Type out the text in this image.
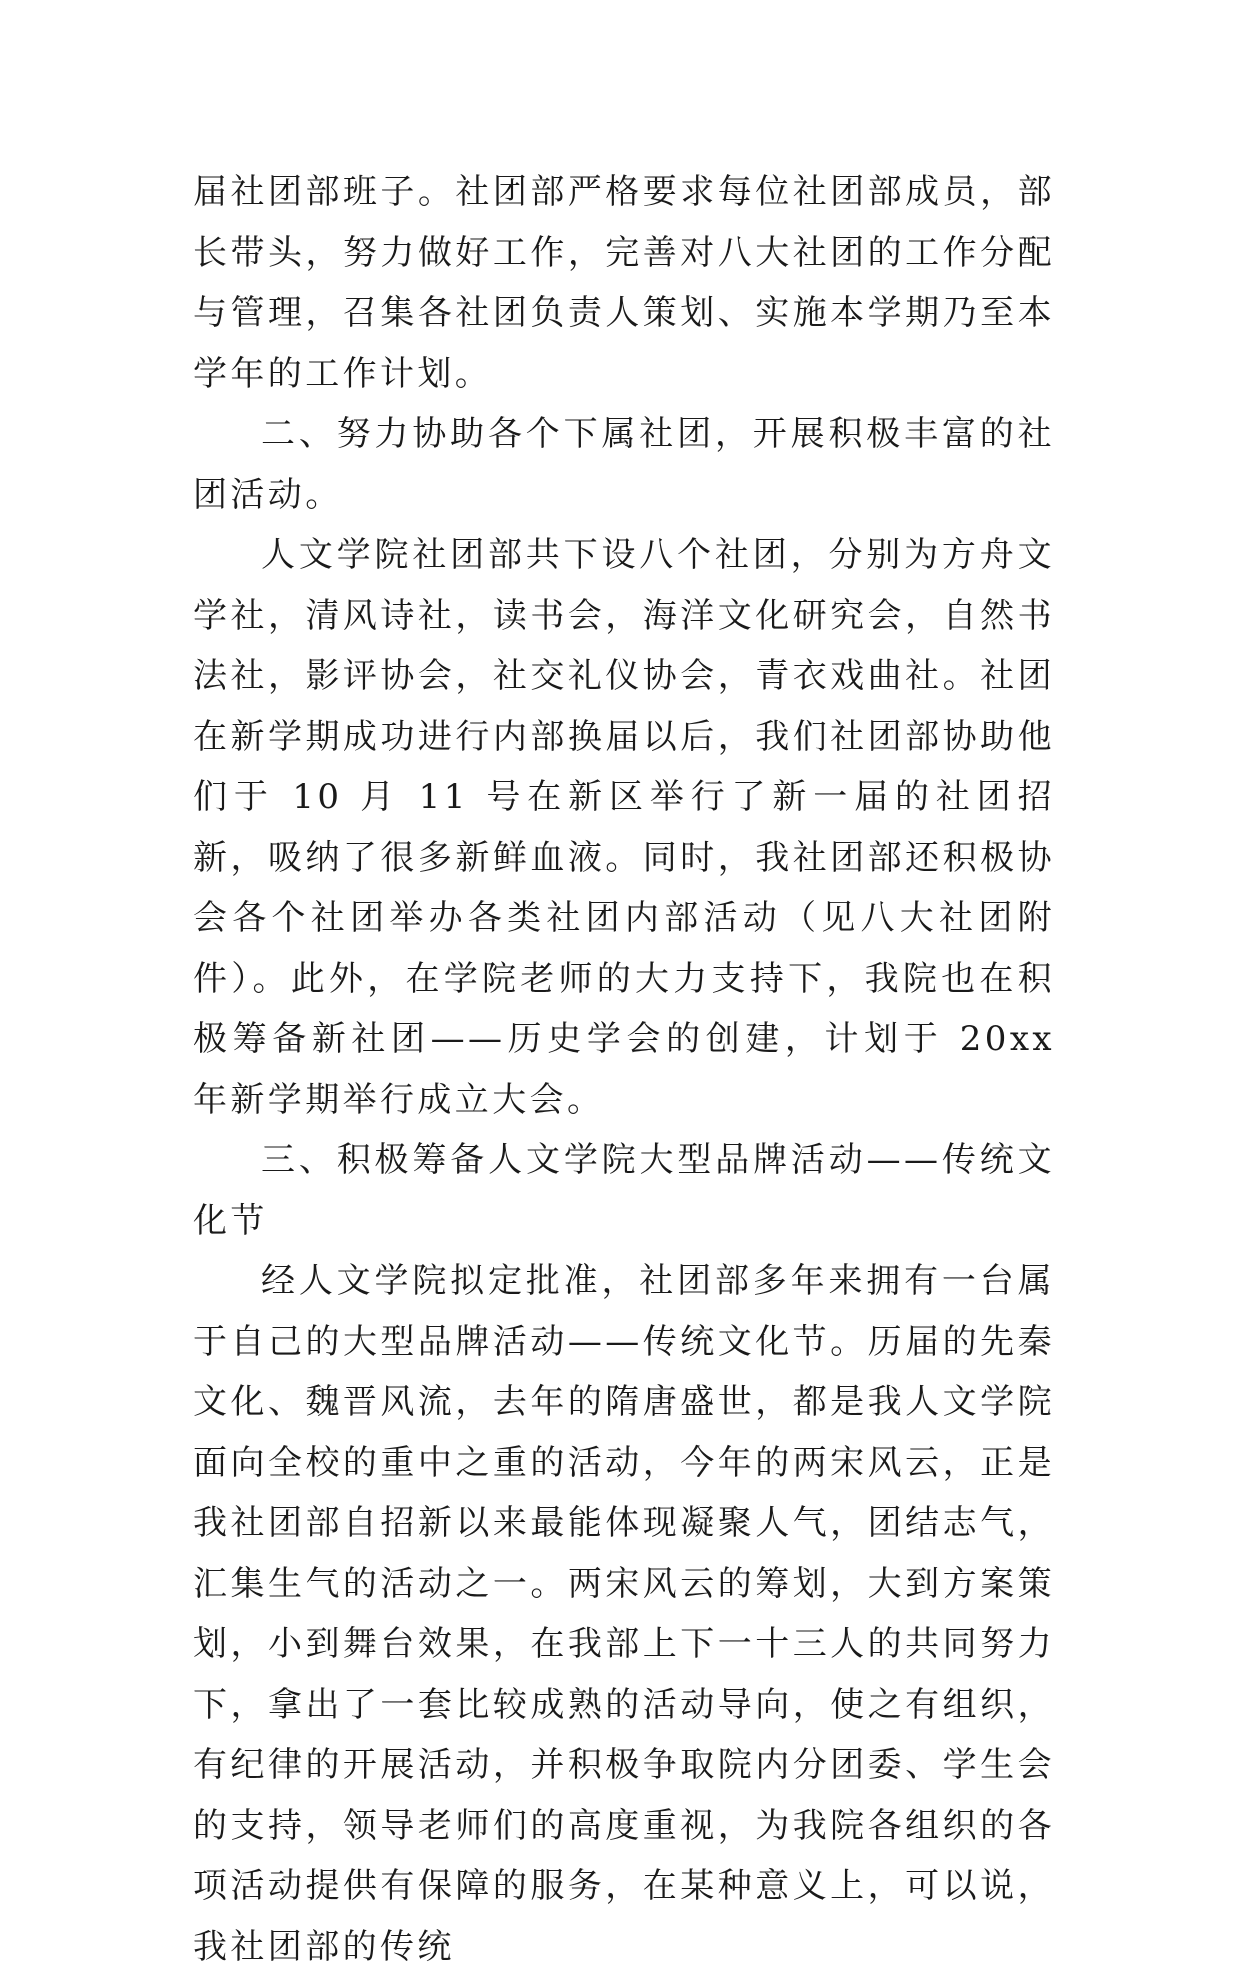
届社团部班子。社团部严格要求每位社团部成员，部长带头，努力做好工作，完善对八大社团的工作分配与管理，召集各社团负责人策划、实施本学期乃至本学年的工作计划。

二、努力协助各个下属社团，开展积极丰富的社团活动。

人文学院社团部共下设八个社团，分别为方舟文学社，清风诗社，读书会，海洋文化研究会，自然书法社，影评协会，社交礼仪协会，青衣戏曲社。社团在新学期成功进行内部换届以后，我们社团部协助他们于 10 月 11 号在新区举行了新一届的社团招新，吸纳了很多新鲜血液。同时，我社团部还积极协会各个社团举办各类社团内部活动（见八大社团附件）。此外，在学院老师的大力支持下，我院也在积极筹备新社团——历史学会的创建，计划于 20xx 年新学期举行成立大会。

三、积极筹备人文学院大型品牌活动——传统文化节

经人文学院拟定批准，社团部多年来拥有一台属于自己的大型品牌活动——传统文化节。历届的先秦文化、魏晋风流，去年的隋唐盛世，都是我人文学院面向全校的重中之重的活动，今年的两宋风云，正是我社团部自招新以来最能体现凝聚人气，团结志气，汇集生气的活动之一。两宋风云的筹划，大到方案策划，小到舞台效果，在我部上下一十三人的共同努力下，拿出了一套比较成熟的活动导向，使之有组织，有纪律的开展活动，并积极争取院内分团委、学生会的支持，领导老师们的高度重视，为我院各组织的各项活动提供有保障的服务，在某种意义上，可以说，我社团部的传统
